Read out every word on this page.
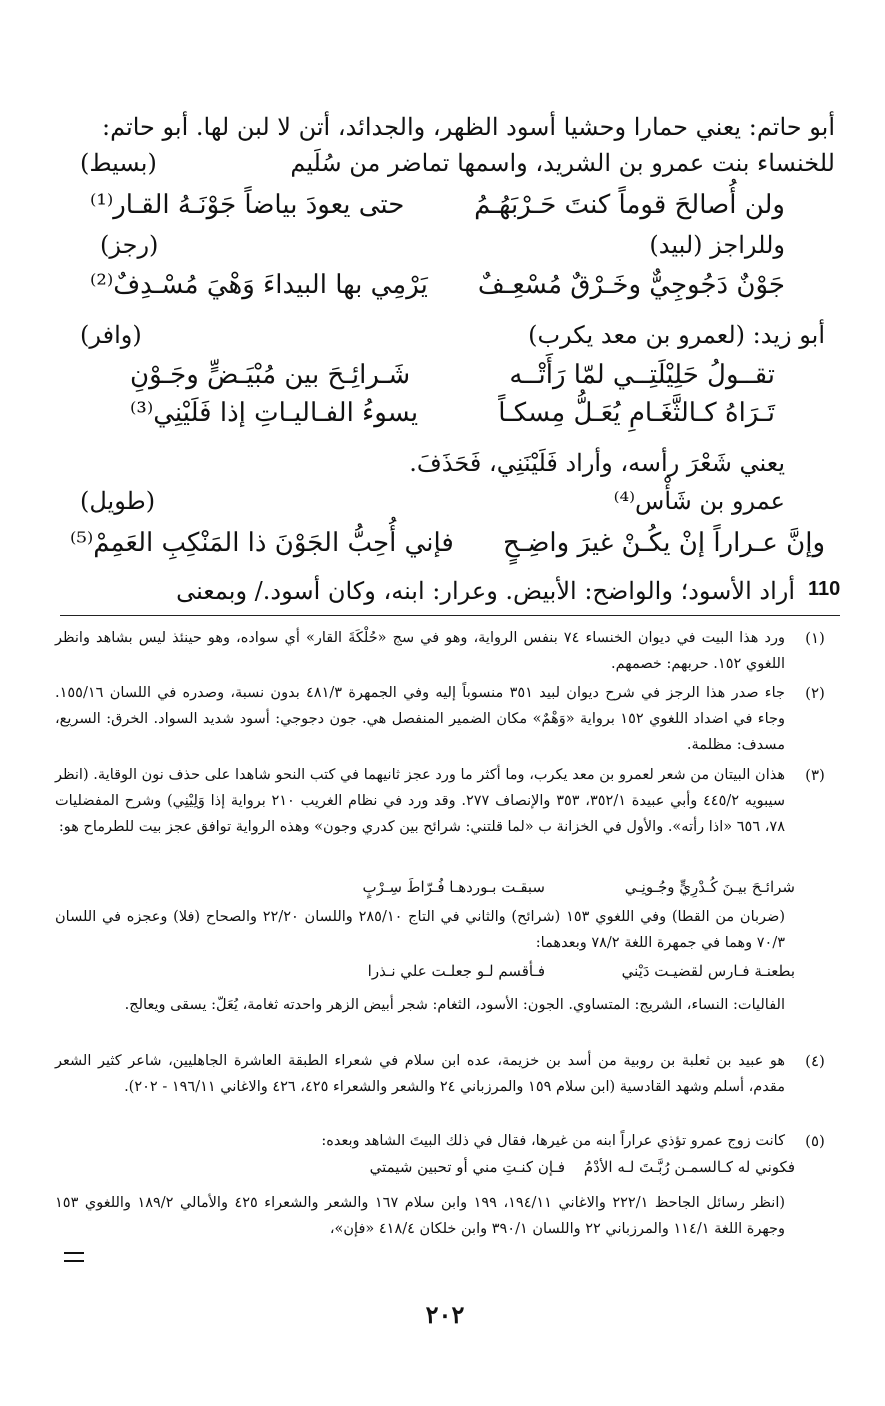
أبو حاتم: يعني حمارا وحشيا أسود الظهر، والجدائد، أتن لا لبن لها. أبو حاتم:
للخنساء بنت عمرو بن الشريد، واسمها تماضر من سُلَيم
(بسيط)
ولن أُصالحَ قوماً كنتَ حَـرْبَهُـمُ
حتى يعودَ بياضاً جَوْنَـهُ القـار⁽¹⁾
وللراجز (لبيد)
(رجز)
جَوْنٌ دَجُوجِيٌّ وخَـرْقٌ مُسْعِـفٌ
يَرْمِي بها البيداءَ وَهْيَ مُسْـدِفٌ⁽²⁾
أبو زيد: (لعمرو بن معد يكرب)
(وافر)
تقــولُ حَلِيْلَتِــي لمّا رَأَتْــه
شَـرائِـحَ بين مُبْيَـضٍّ وجَـوْنِ
تَـرَاهُ كـالثَّغَـامِ يُعَـلُّ مِسكـاً
يسوءُ الفـاليـاتِ إذا فَلَيْنِي⁽³⁾
يعني شَعْرَ رأسه، وأراد فَلَيْنَنِي، فَحَذَفَ.
عمرو بن شَأْس⁽⁴⁾
(طويل)
وإنَّ عـراراً إنْ يكُـنْ غيرَ واضِـحٍ
فإني أُحِبُّ الجَوْنَ ذا المَنْكِبِ العَمِمْ⁽⁵⁾
أراد الأسود؛ والواضح: الأبيض. وعرار: ابنه، وكان أسود./ وبمعنى 110
(١)
ورد هذا البيت في ديوان الخنساء ٧٤ بنفس الرواية، وهو في سج «حُلْكَةَ القار» أي سواده، وهو حينئذ ليس بشاهد وانظر اللغوي ١٥٢. حربهم: خصمهم.
(٢)
جاء صدر هذا الرجز في شرح ديوان لبيد ٣٥١ منسوباً إليه وفي الجمهرة ٤٨١/٣ بدون نسبة، وصدره في اللسان ١٥٥/١٦. وجاء في اضداد اللغوي ١٥٢ برواية «وَهْمٌ» مكان الضمير المنفصل هي. جون دجوجي: أسود شديد السواد. الخرق: السريع، مسدف: مظلمة.
(٣)
هذان البيتان من شعر لعمرو بن معد يكرب، وما أكثر ما ورد عجز ثانيهما في كتب النحو شاهدا على حذف نون الوقاية. (انظر سيبويه ٤٤٥/٢ وأبي عبيدة ٣٥٢/١، ٣٥٣ والإنصاف ٢٧٧. وقد ورد في نظام الغريب ٢١٠ برواية إذا وَلِيْنِي) وشرح المفضليات ٧٨، ٦٥٦ «اذا رأته». والأول في الخزانة ب «لما قلتني: شرائح بين كدري وجون» وهذه الرواية توافق عجز بيت للطرماح هو:
سبقـت بـوردهـا فُـرّاطَ سِـرْبٍ	شرائـحَ بيـنَ كُـدْرِيٍّ وجُـونِـي
(ضربان من القطا) وفي اللغوي ١٥٣ (شرائح) والثاني في التاج ٢٨٥/١٠ واللسان ٢٢/٢٠ والصحاح (فلا) وعجزه في اللسان ٧٠/٣ وهما في جمهرة اللغة ٧٨/٢ وبعدهما:
فـأقسم لـو جعلـت علي نـذرا	بطعنـة فـارس لقضيـت دَيْني
الفاليات: النساء، الشريج: المتساوي. الجون: الأسود، الثغام: شجر أبيض الزهر واحدته ثغامة، يُعَلّ: يسقى ويعالج.
(٤)
هو عبيد بن ثعلبة بن روبية من أسد بن خزيمة، عده ابن سلام في شعراء الطبقة العاشرة الجاهليين، شاعر كثير الشعر مقدم، أسلم وشهد القادسية (ابن سلام ١٥٩ والمرزباني ٢٤ والشعر والشعراء ٤٢٥، ٤٢٦ والاغاني ١٩٦/١١ - ٢٠٢).
(٥)
كانت زوج عمرو تؤذي عراراً ابنه من غيرها، فقال في ذلك البيتَ الشاهد وبعده:
فـإن كنـتِ مني أو تحبين شيمتي فكوني له كـالسمـن رُبَّـتَ لـه الأدْمُ
(انظر رسائل الجاحظ ٢٢٢/١ والاغاني ١٩٤/١١، ١٩٩ وابن سلام ١٦٧ والشعر والشعراء ٤٢٥ والأمالي ١٨٩/٢ واللغوي ١٥٣ وجهرة اللغة ١١٤/١ والمرزباني ٢٢ واللسان ٣٩٠/١ وابن خلكان ٤١٨/٤ «فإن»،
٢٠٢
